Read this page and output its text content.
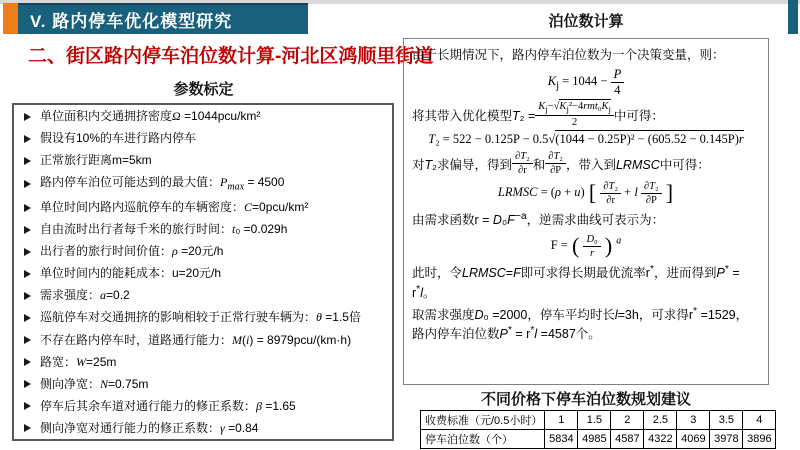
V. 路内停车优化模型研究
二、街区路内停车泊位数计算-河北区鸿顺里街道
参数标定
泊位数计算
单位面积内交通拥挤密度Ω =1044pcu/km²
假设有10%的车进行路内停车
正常旅行距离m=5km
路内停车泊位可能达到的最大值：$P_{max} = 4500$
单位时间内路内巡航停车的车辆密度：C=0pcu/km²
自由流时出行者每千米的旅行时间：t₀ =0.029h
出行者的旅行时间价值：ρ =20元/h
单位时间内的能耗成本：u=20元/h
需求强度：a=0.2
巡航停车对交通拥挤的影响相较于正常行驶车辆为：θ =1.5倍
不存在路内停车时，道路通行能力：M(i) = 8979pcu/(km·h)
路宽：W=25m
侧向净宽：N=0.75m
停车后其余车道对通行能力的修正系数：β =1.65
侧向净宽对通行能力的修正系数：γ =0.84

由于长期情况下，路内停车泊位数为一个决策变量，则：

$K_j = 1044 - \frac{P}{4}$
将其带入优化模型$T_2 = \frac{K_j-√K_j^2-4rmt_0K_j}{2}$ 中可得：
T₂ = 522 − 0.125P − 0.5√(1044 − 0.25P)² − (605.52 − 0.145P)r
对T₂求偏导，得到 $\frac{\text{∂T₂}}{\partial r}$ 和 $\frac{\text{∂T₂}}{\partial P}$ ，带入到LRMSC中可得：
LRMSC = (ρ + u) [ $\frac{\text{∂T₂}}{\partial r} + l \frac{\text{∂T₂}}{\partial P}$ ]

由需求函数$r = D_0F^{-a}$，逆需求曲线可表示为：

F = ( $\frac{\text{D₀}}{r}$ ) $^a$

此时，令LRMSC=F即可求得长期最优流率r*，进而得到P* = r*l。

取需求强度D₀ =2000，停车平均时长l=3h，可求得r* =1529，路内停车泊位数P* = r*l =4587个。

不同价格下停车泊位数规划建议
收费标准（元/0.5小时）	1	1.5	2	2.5	3	3.5	4
停车泊位数（个）	5834	4985	4587	4322	4069	3978	3896
